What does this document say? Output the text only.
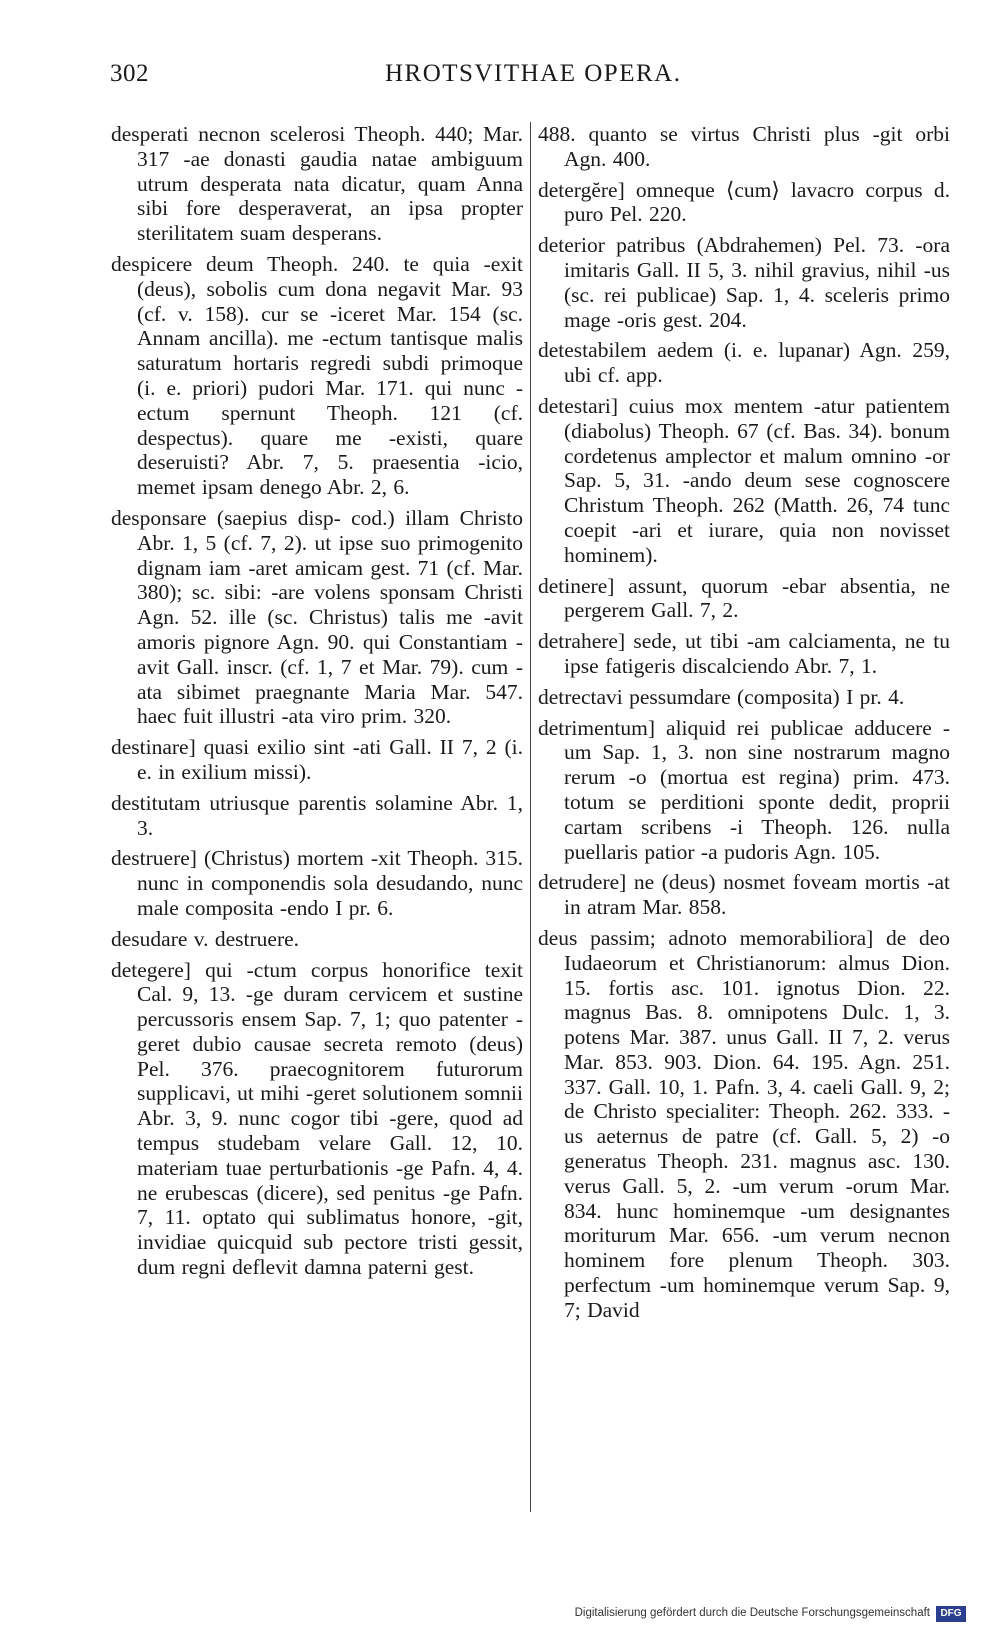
302	HROTSVITHAE OPERA.

desperati necnon scelerosi Theoph. 440; Mar. 317 -ae donasti gaudia natae ambiguum utrum desperata nata dicatur, quam Anna sibi fore desperaverat, an ipsa propter sterilitatem suam desperans.

despicere deum Theoph. 240. te quia -exit (deus), sobolis cum dona negavit Mar. 93 (cf. v. 158). cur se -iceret Mar. 154 (sc. Annam ancilla). me -ectum tantisque malis saturatum hortaris regredi subdi primoque (i. e. priori) pudori Mar. 171. qui nunc -ectum spernunt Theoph. 121 (cf. despectus). quare me -existi, quare deseruisti? Abr. 7, 5. praesentia -icio, memet ipsam denego Abr. 2, 6.

desponsare (saepius disp- cod.) illam Christo Abr. 1, 5 (cf. 7, 2). ut ipse suo primogenito dignam iam -aret amicam gest. 71 (cf. Mar. 380); sc. sibi: -are volens sponsam Christi Agn. 52. ille (sc. Christus) talis me -avit amoris pignore Agn. 90. qui Constantiam -avit Gall. inscr. (cf. 1, 7 et Mar. 79). cum -ata sibimet praegnante Maria Mar. 547. haec fuit illustri -ata viro prim. 320.

destinare] quasi exilio sint -ati Gall. II 7, 2 (i. e. in exilium missi).

destitutam utriusque parentis solamine Abr. 1, 3.

destruere] (Christus) mortem -xit Theoph. 315. nunc in componendis sola desudando, nunc male composita -endo I pr. 6.

desudare v. destruere.

detegere] qui -ctum corpus honorifice texit Cal. 9, 13. -ge duram cervicem et sustine percussoris ensem Sap. 7, 1; quo patenter -geret dubio causae secreta remoto (deus) Pel. 376. praecognitorem futurorum supplicavi, ut mihi -geret solutionem somnii Abr. 3, 9. nunc cogor tibi -gere, quod ad tempus studebam velare Gall. 12, 10. materiam tuae perturbationis -ge Pafn. 4, 4. ne erubescas (dicere), sed penitus -ge Pafn. 7, 11. optato qui sublimatus honore, -git, invidiae quicquid sub pectore tristi gessit, dum regni deflevit damna paterni gest.

488. quanto se virtus Christi plus -git orbi Agn. 400.

detergĕre] omneque ⟨cum⟩ lavacro corpus d. puro Pel. 220.

deterior patribus (Abdrahemen) Pel. 73. -ora imitaris Gall. II 5, 3. nihil gravius, nihil -us (sc. rei publicae) Sap. 1, 4. sceleris primo mage -oris gest. 204.

detestabilem aedem (i. e. lupanar) Agn. 259, ubi cf. app.

detestari] cuius mox mentem -atur patientem (diabolus) Theoph. 67 (cf. Bas. 34). bonum cordetenus amplector et malum omnino -or Sap. 5, 31. -ando deum sese cognoscere Christum Theoph. 262 (Matth. 26, 74 tunc coepit -ari et iurare, quia non novisset hominem).

detinere] assunt, quorum -ebar absentia, ne pergerem Gall. 7, 2.

detrahere] sede, ut tibi -am calciamenta, ne tu ipse fatigeris discalciendo Abr. 7, 1.

detrectavi pessumdare (composita) I pr. 4.

detrimentum] aliquid rei publicae adducere -um Sap. 1, 3. non sine nostrarum magno rerum -o (mortua est regina) prim. 473. totum se perditioni sponte dedit, proprii cartam scribens -i Theoph. 126. nulla puellaris patior -a pudoris Agn. 105.

detrudere] ne (deus) nosmet foveam mortis -at in atram Mar. 858.

deus passim; adnoto memorabiliora] de deo Iudaeorum et Christianorum: almus Dion. 15. fortis asc. 101. ignotus Dion. 22. magnus Bas. 8. omnipotens Dulc. 1, 3. potens Mar. 387. unus Gall. II 7, 2. verus Mar. 853. 903. Dion. 64. 195. Agn. 251. 337. Gall. 10, 1. Pafn. 3, 4. caeli Gall. 9, 2; de Christo specialiter: Theoph. 262. 333. -us aeternus de patre (cf. Gall. 5, 2) -o generatus Theoph. 231. magnus asc. 130. verus Gall. 5, 2. -um verum -orum Mar. 834. hunc hominemque -um designantes moriturum Mar. 656. -um verum necnon hominem fore plenum Theoph. 303. perfectum -um hominemque verum Sap. 9, 7; David

Digitalisierung gefördert durch die Deutsche Forschungsgemeinschaft	DFG
